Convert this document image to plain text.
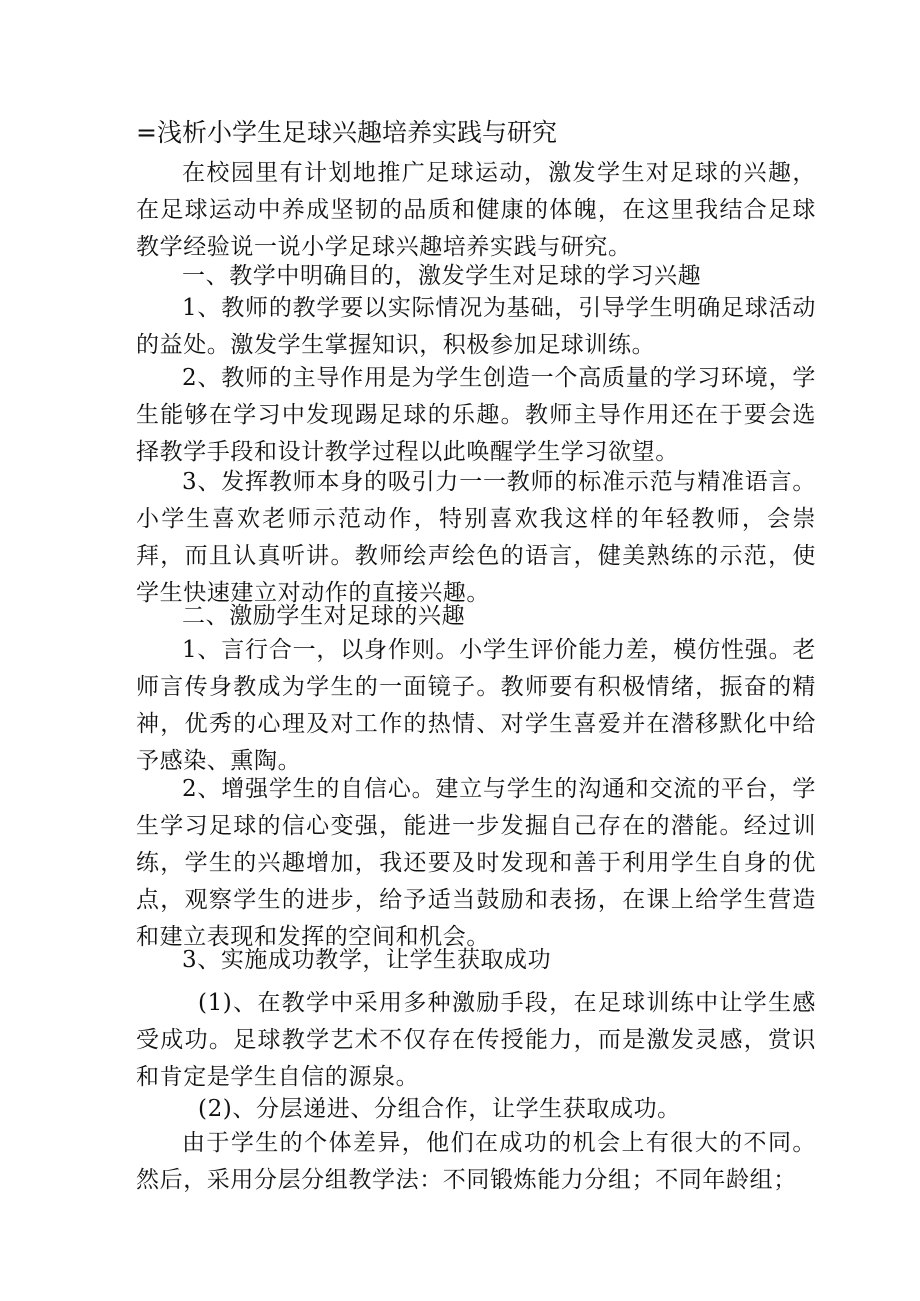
=浅析小学生足球兴趣培养实践与研究

在校园里有计划地推广足球运动，激发学生对足球的兴趣，在足球运动中养成坚韧的品质和健康的体魄，在这里我结合足球教学经验说一说小学足球兴趣培养实践与研究。

一、教学中明确目的，激发学生对足球的学习兴趣

1、教师的教学要以实际情况为基础，引导学生明确足球活动的益处。激发学生掌握知识，积极参加足球训练。

2、教师的主导作用是为学生创造一个高质量的学习环境，学生能够在学习中发现踢足球的乐趣。教师主导作用还在于要会选择教学手段和设计教学过程以此唤醒学生学习欲望。

3、发挥教师本身的吸引力一一教师的标准示范与精准语言。小学生喜欢老师示范动作，特别喜欢我这样的年轻教师，会崇拜，而且认真听讲。教师绘声绘色的语言，健美熟练的示范，使学生快速建立对动作的直接兴趣。

二、激励学生对足球的兴趣

1、言行合一，以身作则。小学生评价能力差，模仿性强。老师言传身教成为学生的一面镜子。教师要有积极情绪，振奋的精神，优秀的心理及对工作的热情、对学生喜爱并在潜移默化中给予感染、熏陶。

2、增强学生的自信心。建立与学生的沟通和交流的平台，学生学习足球的信心变强，能进一步发掘自己存在的潜能。经过训练，学生的兴趣增加，我还要及时发现和善于利用学生自身的优点，观察学生的进步，给予适当鼓励和表扬，在课上给学生营造和建立表现和发挥的空间和机会。

3、实施成功教学，让学生获取成功

(1)、在教学中采用多种激励手段，在足球训练中让学生感受成功。足球教学艺术不仅存在传授能力，而是激发灵感，赏识和肯定是学生自信的源泉。

(2)、分层递进、分组合作，让学生获取成功。

由于学生的个体差异，他们在成功的机会上有很大的不同。然后，采用分层分组教学法：不同锻炼能力分组；不同年龄组；
